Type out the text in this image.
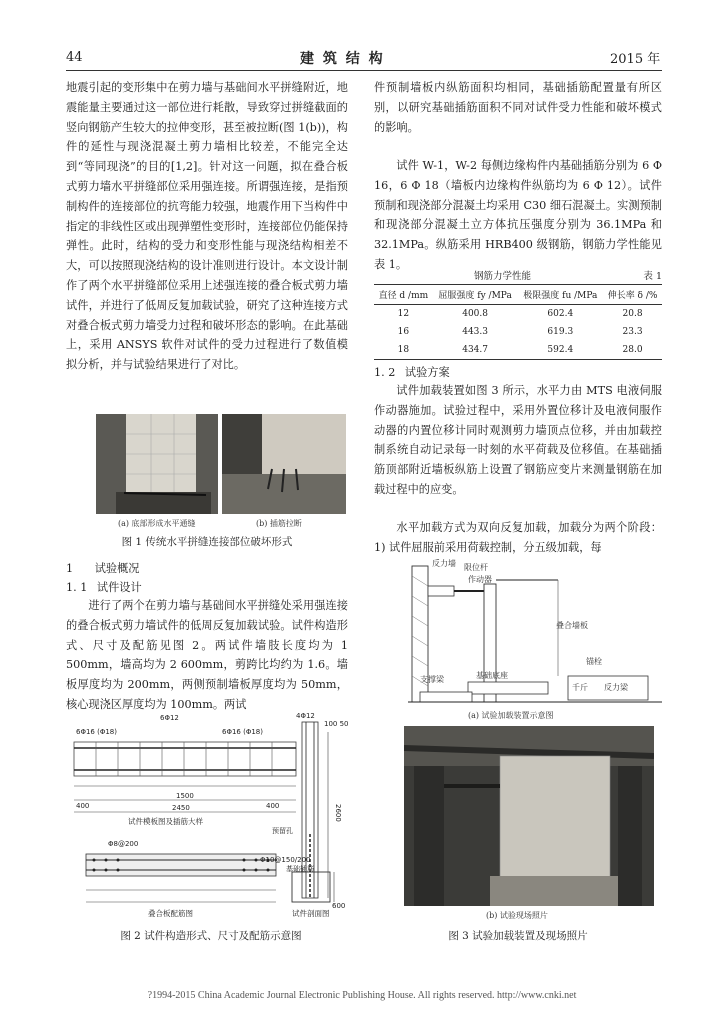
44	建 筑 结 构	2015 年

地震引起的变形集中在剪力墙与基础间水平拼缝附近，地震能量主要通过这一部位进行耗散，导致穿过拼缝截面的竖向钢筋产生较大的拉伸变形，甚至被拉断(图 1(b))，构件的延性与现浇混凝土剪力墙相比较差，不能完全达到“等同现浇”的目的[1,2]。针对这一问题，拟在叠合板式剪力墙水平拼缝部位采用强连接。所谓强连接，是指预制构件的连接部位的抗弯能力较强，地震作用下当构件中指定的非线性区或出现弹塑性变形时，连接部位仍能保持弹性。此时，结构的受力和变形性能与现浇结构相差不大，可以按照现浇结构的设计准则进行设计。本文设计制作了两个水平拼缝部位采用上述强连接的叠合板式剪力墙试件，并进行了低周反复加载试验，研究了这种连接方式对叠合板式剪力墙受力过程和破坏形态的影响。在此基础上，采用 ANSYS 软件对试件的受力过程进行了数值模拟分析，并与试验结果进行了对比。

(a) 底部形成水平通缝	(b) 插筋拉断
图 1 传统水平拼缝连接部位破坏形式
1 试验概况
1. 1 试件设计

进行了两个在剪力墙与基础间水平拼缝处采用强连接的叠合板式剪力墙试件的低周反复加载试验。试件构造形式、尺寸及配筋见图 2。两试件墙肢长度均为 1 500mm，墙高均为 2 600mm，剪跨比均约为 1.6。墙板厚度均为 200mm，两侧预制墙板厚度均为 50mm，核心现浇区厚度均为 100mm。两试

6Φ12	4Φ12
100 50
6Φ16 (Φ18)	6Φ16 (Φ18)
400
1500
400
2450
试件模板图及插筋大样	2600
预留孔
Φ10@150/200
Φ8@200
基础插筋
600
叠合板配筋图	试件剖面图
图 2 试件构造形式、尺寸及配筋示意图

件预制墙板内纵筋面积均相同，基础插筋配置量有所区别，以研究基础插筋面积不同对试件受力性能和破坏模式的影响。

试件 W-1，W-2 每侧边缘构件内基础插筋分别为 6 Φ 16，6 Φ 18（墙板内边缘构件纵筋均为 6 Φ 12）。试件预制和现浇部分混凝土均采用 C30 细石混凝土。实测预制和现浇部分混凝土立方体抗压强度分别为 36.1MPa 和 32.1MPa。纵筋采用 HRB400 级钢筋，钢筋力学性能见表 1。

钢筋力学性能	表 1
直径 d /mm	屈服强度 fy /MPa	极限强度 fu /MPa	伸长率 δ /%
12	400.8	602.4	20.8
16	443.3	619.3	23.3
18	434.7	592.4	28.0
1. 2 试验方案

试件加载装置如图 3 所示，水平力由 MTS 电液伺服作动器施加。试验过程中，采用外置位移计及电液伺服作动器的内置位移计同时观测剪力墙顶点位移，并由加载控制系统自动记录每一时刻的水平荷载及位移值。在基础插筋顶部附近墙板纵筋上设置了钢筋应变片来测量钢筋在加载过程中的应变。

水平加载方式为双向反复加载，加载分为两个阶段：1) 试件屈服前采用荷载控制，分五级加载，每

反力墙 限位杆
作动器
叠合墙板
锚栓
千斤 反力梁
支撑梁	基础底座
(a) 试验加载装置示意图
(b) 试验现场照片
图 3 试验加载装置及现场照片
?1994-2015 China Academic Journal Electronic Publishing House. All rights reserved. http://www.cnki.net
